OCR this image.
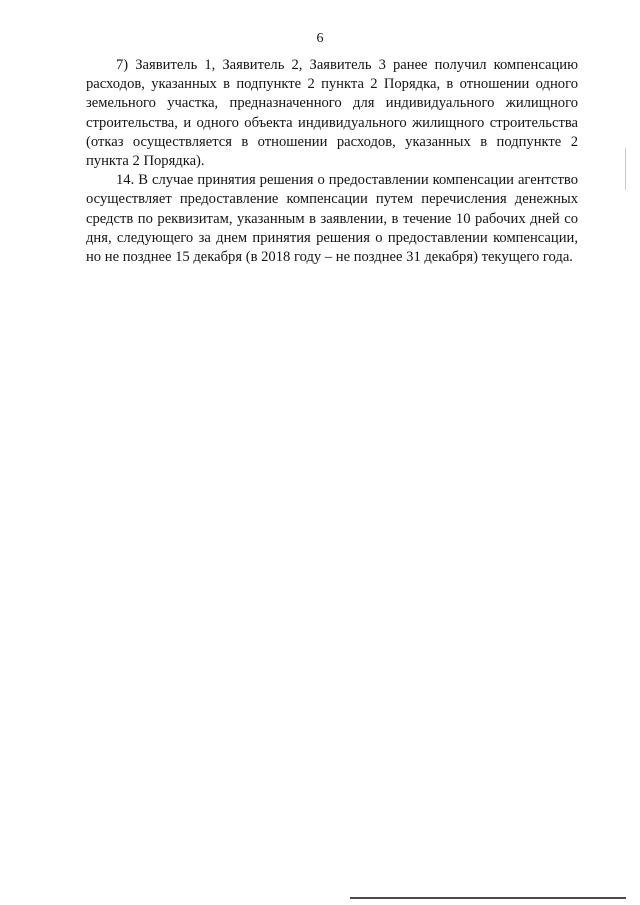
6

7) Заявитель 1, Заявитель 2, Заявитель 3 ранее получил компенсацию расходов, указанных в подпункте 2 пункта 2 Порядка, в отношении одного земельного участка, предназначенного для индивидуального жилищного строительства, и одного объекта индивидуального жилищного строительства (отказ осуществляется в отношении расходов, указанных в подпункте 2 пункта 2 Порядка).

14. В случае принятия решения о предоставлении компенсации агентство осуществляет предоставление компенсации путем перечисления денежных средств по реквизитам, указанным в заявлении, в течение 10 рабочих дней со дня, следующего за днем принятия решения о предоставлении компенсации, но не позднее 15 декабря (в 2018 году – не позднее 31 декабря) текущего года.
